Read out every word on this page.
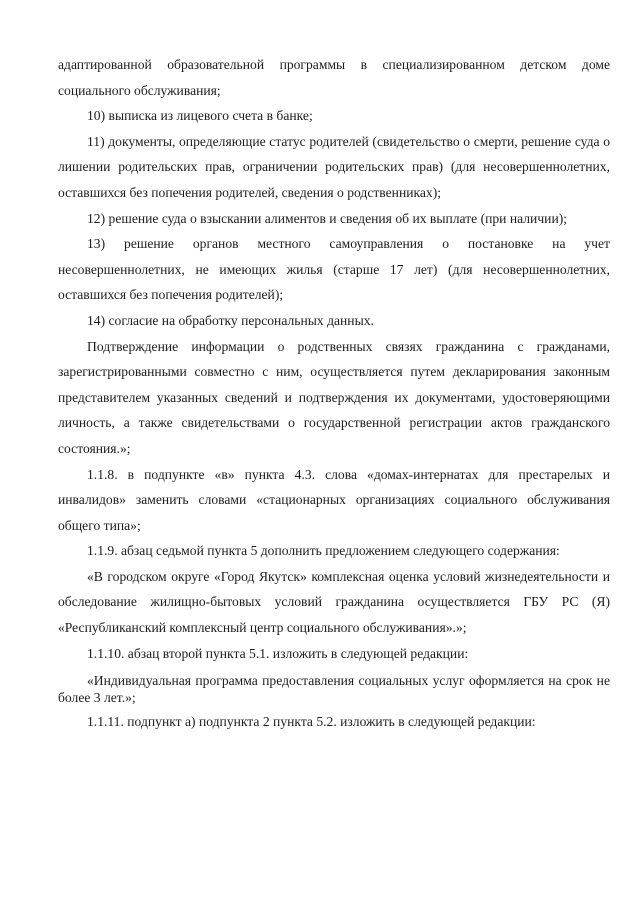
адаптированной образовательной программы в специализированном детском доме социального обслуживания;

10) выписка из лицевого счета в банке;

11) документы, определяющие статус родителей (свидетельство о смерти, решение суда о лишении родительских прав, ограничении родительских прав) (для несовершеннолетних, оставшихся без попечения родителей, сведения о родственниках);

12) решение суда о взыскании алиментов и сведения об их выплате (при наличии);

13) решение органов местного самоуправления о постановке на учет несовершеннолетних, не имеющих жилья (старше 17 лет) (для несовершеннолетних, оставшихся без попечения родителей);

14) согласие на обработку персональных данных.

Подтверждение информации о родственных связях гражданина с гражданами, зарегистрированными совместно с ним, осуществляется путем декларирования законным представителем указанных сведений и подтверждения их документами, удостоверяющими личность, а также свидетельствами о государственной регистрации актов гражданского состояния.»;

1.1.8. в подпункте «в» пункта 4.3. слова «домах-интернатах для престарелых и инвалидов» заменить словами «стационарных организациях социального обслуживания общего типа»;

1.1.9. абзац седьмой пункта 5 дополнить предложением следующего содержания:

«В городском округе «Город Якутск» комплексная оценка условий жизнедеятельности и обследование жилищно-бытовых условий гражданина осуществляется ГБУ РС (Я) «Республиканский комплексный центр социального обслуживания».»;

1.1.10. абзац второй пункта 5.1. изложить в следующей редакции:

«Индивидуальная программа предоставления социальных услуг оформляется на срок не более 3 лет.»;

1.1.11. подпункт а) подпункта 2 пункта 5.2. изложить в следующей редакции:
